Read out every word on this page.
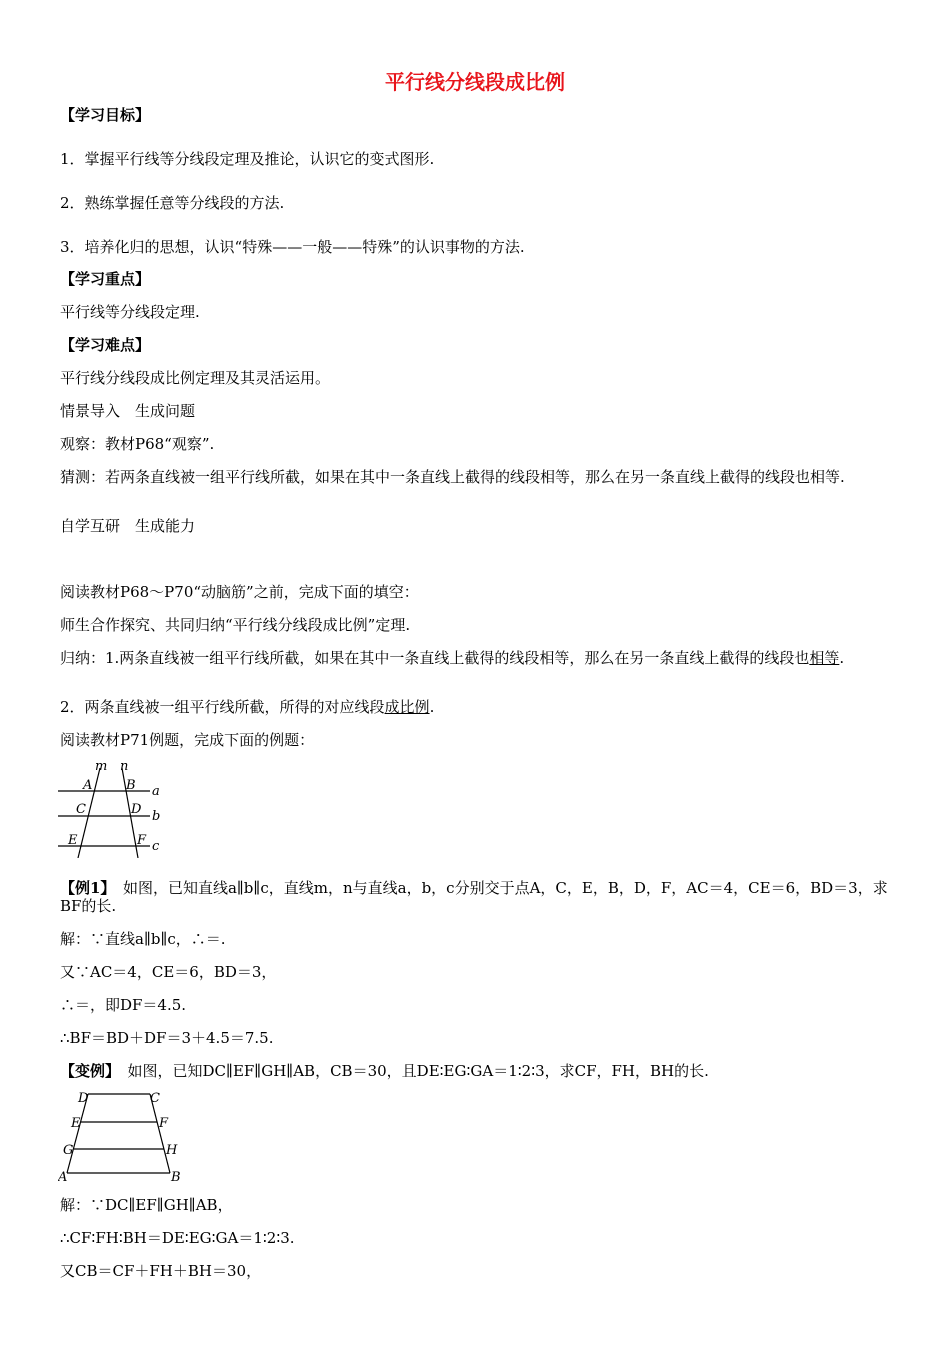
平行线分线段成比例
【学习目标】
1．掌握平行线等分线段定理及推论，认识它的变式图形.
2．熟练掌握任意等分线段的方法.
3．培养化归的思想，认识“特殊——一般——特殊”的认识事物的方法.
【学习重点】
平行线等分线段定理.
【学习难点】
平行线分线段成比例定理及其灵活运用。
情景导入　生成问题
观察：教材P68“观察”.
猜测：若两条直线被一组平行线所截，如果在其中一条直线上截得的线段相等，那么在另一条直线上截得的线段也相等.
自学互研　生成能力
阅读教材P68～P70“动脑筋”之前，完成下面的填空：
师生合作探究、共同归纳“平行线分线段成比例”定理.
归纳：1.两条直线被一组平行线所截，如果在其中一条直线上截得的线段相等，那么在另一条直线上截得的线段也相等.
2．两条直线被一组平行线所截，所得的对应线段成比例.
阅读教材P71例题，完成下面的例题：
m n
A	B a
C	D b
E	F c
【例1】　如图，已知直线a∥b∥c，直线m，n与直线a，b，c分别交于点A，C，E，B，D，F，AC＝4，CE＝6，BD＝3，求BF的长.
解：∵直线a∥b∥c，∴＝.
又∵AC＝4，CE＝6，BD＝3，
∴＝，即DF＝4.5.
∴BF＝BD＋DF＝3＋4.5＝7.5.
【变例】　如图，已知DC∥EF∥GH∥AB，CB＝30，且DE∶EG∶GA＝1∶2∶3，求CF，FH，BH的长.
D	C
E	F
G	H
A	B
解：∵DC∥EF∥GH∥AB，
∴CF∶FH∶BH＝DE∶EG∶GA＝1∶2∶3.
又CB＝CF＋FH＋BH＝30，
